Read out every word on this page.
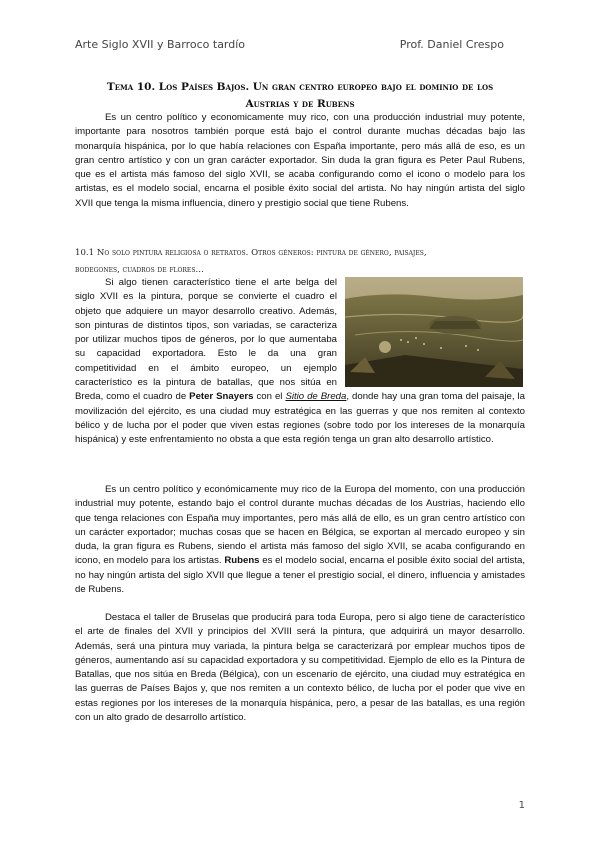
Arte Siglo XVII y Barroco tardío	Prof. Daniel Crespo
Tema 10. Los Países Bajos. Un gran centro europeo bajo el dominio de los
Austrias y de Rubens

Es un centro político y economicamente muy rico, con una producción industrial muy potente, importante para nosotros también porque está bajo el control durante muchas décadas bajo las monarquía hispánica, por lo que había relaciones con España importante, pero más allá de eso, es un gran centro artístico y con un gran carácter exportador. Sin duda la gran figura es Peter Paul Rubens, que es el artista más famoso del siglo XVII, se acaba configurando como el icono o modelo para los artistas, es el modelo social, encarna el posible éxito social del artista. No hay ningún artista del siglo XVII que tenga la misma influencia, dinero y prestigio social que tiene Rubens.

10.1 No solo pintura religiosa o retratos. Otros géneros: pintura de género, paisajes,
bodegones, cuadros de flores…

Si algo tienen característico tiene el arte belga del siglo XVII es la pintura, porque se convierte el cuadro el objeto que adquiere un mayor desarrollo creativo. Además, son pinturas de distintos tipos, son variadas, se caracteriza por utilizar muchos tipos de géneros, por lo que aumentaba su capacidad exportadora. Esto le da una gran competitividad en el ámbito europeo, un ejemplo característico es la pintura de batallas, que nos sitúa en Breda, como el cuadro de Peter Snayers con el Sitio de Breda, donde hay una gran toma del paisaje, la movilización del ejército, es una ciudad muy estratégica en las guerras y que nos remiten al contexto bélico y de lucha por el poder que viven estas regiones (sobre todo por los intereses de la monarquía hispánica) y este enfrentamiento no obsta a que esta región tenga un gran alto desarrollo artístico.

Es un centro político y económicamente muy rico de la Europa del momento, con una producción industrial muy potente, estando bajo el control durante muchas décadas de los Austrias, haciendo ello que tenga relaciones con España muy importantes, pero más allá de ello, es un gran centro artístico con un carácter exportador; muchas cosas que se hacen en Bélgica, se exportan al mercado europeo y sin duda, la gran figura es Rubens, siendo el artista más famoso del siglo XVII, se acaba configurando en icono, en modelo para los artistas. Rubens es el modelo social, encarna el posible éxito social del artista, no hay ningún artista del siglo XVII que llegue a tener el prestigio social, el dinero, influencia y amistades de Rubens.

Destaca el taller de Bruselas que producirá para toda Europa, pero si algo tiene de característico el arte de finales del XVII y principios del XVIII será la pintura, que adquirirá un mayor desarrollo. Además, será una pintura muy variada, la pintura belga se caracterizará por emplear muchos tipos de géneros, aumentando así su capacidad exportadora y su competitividad. Ejemplo de ello es la Pintura de Batallas, que nos sitúa en Breda (Bélgica), con un escenario de ejército, una ciudad muy estratégica en las guerras de Países Bajos y, que nos remiten a un contexto bélico, de lucha por el poder que vive en estas regiones por los intereses de la monarquía hispánica, pero, a pesar de las batallas, es una región con un alto grado de desarrollo artístico.

1
